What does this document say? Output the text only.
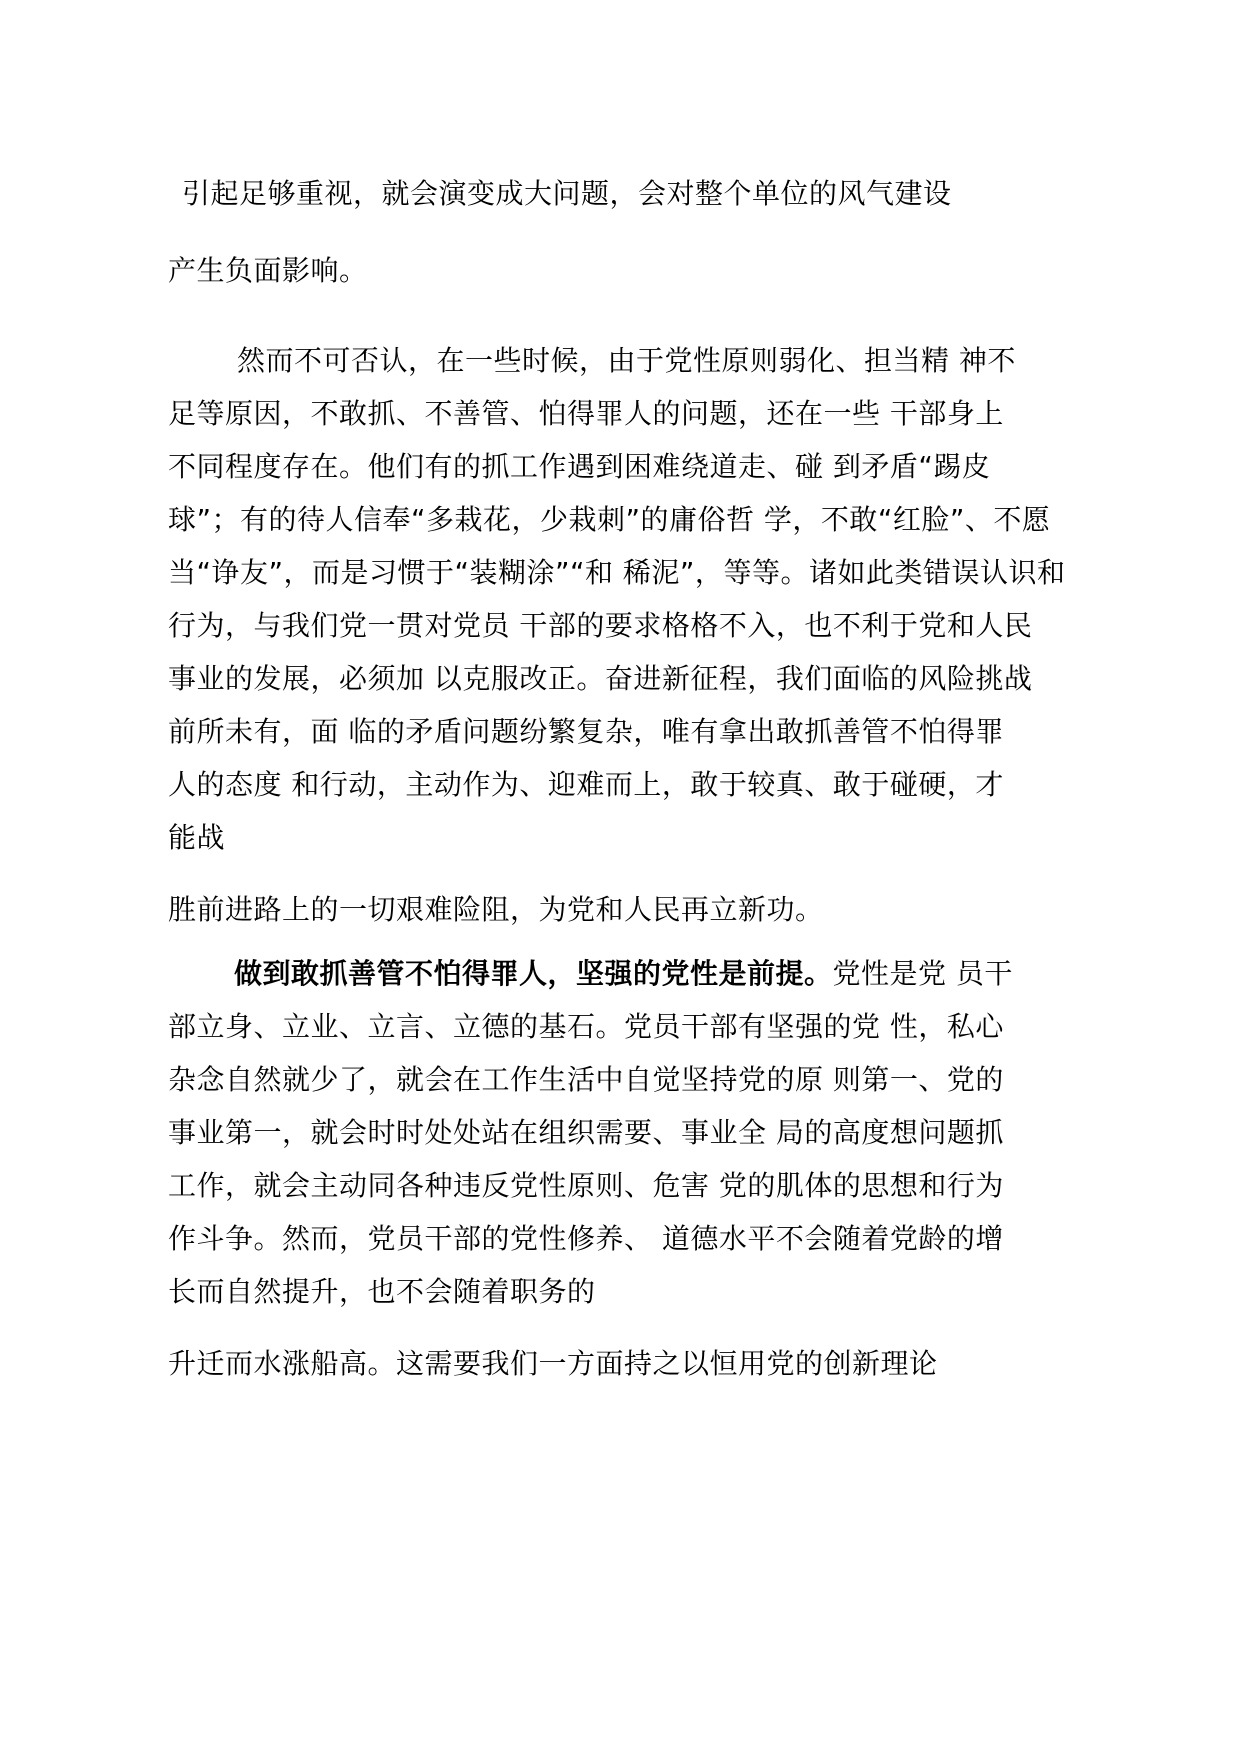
引起足够重视，就会演变成大问题，会对整个单位的风气建设
产生负面影响。
然而不可否认，在一些时候，由于党性原则弱化、担当精 神不
足等原因，不敢抓、不善管、怕得罪人的问题，还在一些 干部身上
不同程度存在。他们有的抓工作遇到困难绕道走、碰 到矛盾“踢皮
球”；有的待人信奉“多栽花，少栽刺”的庸俗哲 学，不敢“红脸”、不愿
当“诤友”，而是习惯于“装糊涂”“和 稀泥”，等等。诸如此类错误认识和
行为，与我们党一贯对党员 干部的要求格格不入，也不利于党和人民
事业的发展，必须加 以克服改正。奋进新征程，我们面临的风险挑战
前所未有，面 临的矛盾问题纷繁复杂，唯有拿出敢抓善管不怕得罪
人的态度 和行动，主动作为、迎难而上，敢于较真、敢于碰硬，才
能战
胜前进路上的一切艰难险阻，为党和人民再立新功。
做到敢抓善管不怕得罪人，坚强的党性是前提。党性是党 员干
部立身、立业、立言、立德的基石。党员干部有坚强的党 性，私心
杂念自然就少了，就会在工作生活中自觉坚持党的原 则第一、党的
事业第一，就会时时处处站在组织需要、事业全 局的高度想问题抓
工作，就会主动同各种违反党性原则、危害 党的肌体的思想和行为
作斗争。然而，党员干部的党性修养、 道德水平不会随着党龄的增
长而自然提升，也不会随着职务的
升迁而水涨船高。这需要我们一方面持之以恒用党的创新理论
